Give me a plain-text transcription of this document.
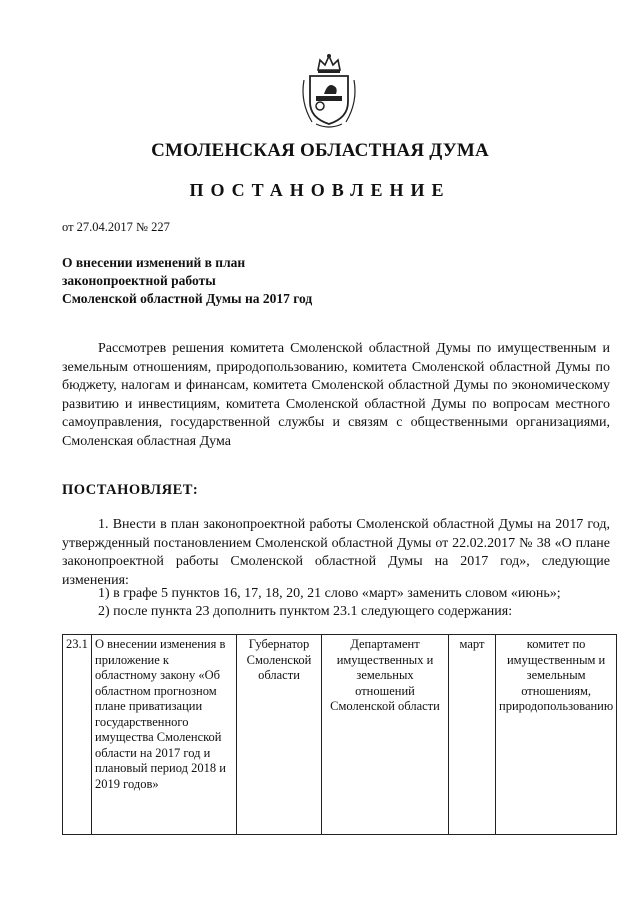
СМОЛЕНСКАЯ ОБЛАСТНАЯ ДУМА
ПОСТАНОВЛЕНИЕ
от 27.04.2017 № 227
О внесении изменений в план
законопроектной работы
Смоленской областной Думы на 2017 год
Рассмотрев решения комитета Смоленской областной Думы по имущественным и земельным отношениям, природопользованию, комитета Смоленской областной Думы по бюджету, налогам и финансам, комитета Смоленской областной Думы по экономическому развитию и инвестициям, комитета Смоленской областной Думы по вопросам местного самоуправления, государственной службы и связям с общественными организациями, Смоленская областная Дума
ПОСТАНОВЛЯЕТ:
1. Внести в план законопроектной работы Смоленской областной Думы на 2017 год, утвержденный постановлением Смоленской областной Думы от 22.02.2017 № 38 «О плане законопроектной работы Смоленской областной Думы на 2017 год», следующие изменения:
1) в графе 5 пунктов 16, 17, 18, 20, 21 слово «март» заменить словом «июнь»;
2) после пункта 23 дополнить пунктом 23.1 следующего содержания:
23.1	О внесении изменения в приложение к областному закону «Об областном прогнозном плане приватизации государственного имущества Смоленской области на 2017 год и плановый период 2018 и 2019 годов»	Губернатор Смоленской области	Департамент имущественных и земельных отношений Смоленской области	март	комитет по имущественным и земельным отношениям, природопользованию
